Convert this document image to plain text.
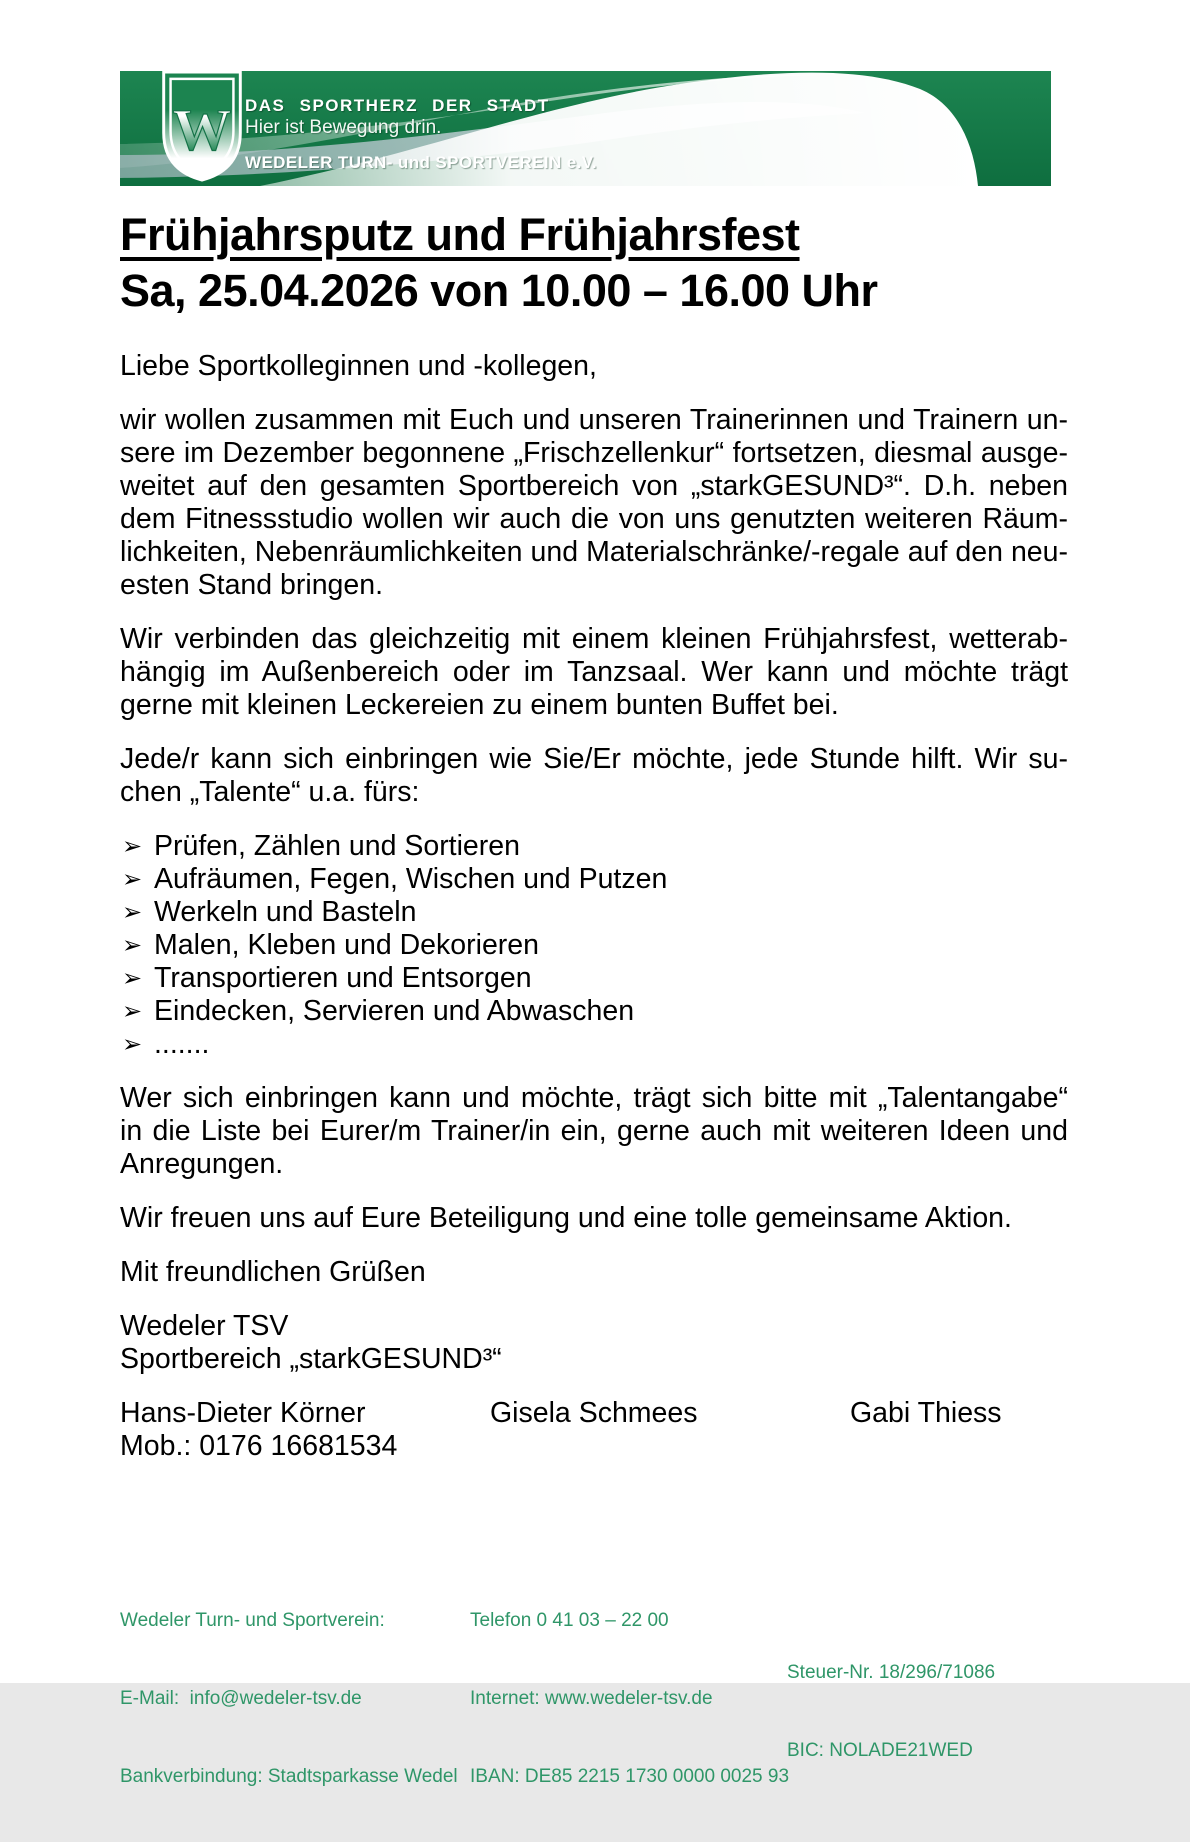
W DAS SPORTHERZ DER STADT
Hier ist Bewegung drin.
WEDELER TURN- und SPORTVEREIN e.V.
Frühjahrsputz und Frühjahrsfest
Sa, 25.04.2026 von 10.00 – 16.00 Uhr

Liebe Sportkolleginnen und -kollegen,

wir wollen zusammen mit Euch und unseren Trainerinnen und Trainern un-
sere im Dezember begonnene „Frischzellenkur“ fortsetzen, diesmal ausge-
weitet auf den gesamten Sportbereich von „starkGESUND³“. D.h. neben
dem Fitnessstudio wollen wir auch die von uns genutzten weiteren Räum-
lichkeiten, Nebenräumlichkeiten und Materialschränke/-regale auf den neu-
esten Stand bringen.
Wir verbinden das gleichzeitig mit einem kleinen Frühjahrsfest, wetterab-
hängig im Außenbereich oder im Tanzsaal. Wer kann und möchte trägt
gerne mit kleinen Leckereien zu einem bunten Buffet bei.
Jede/r kann sich einbringen wie Sie/Er möchte, jede Stunde hilft. Wir su-
chen „Talente“ u.a. fürs:
➢ Prüfen, Zählen und Sortieren
➢ Aufräumen, Fegen, Wischen und Putzen
➢ Werkeln und Basteln
➢ Malen, Kleben und Dekorieren
➢ Transportieren und Entsorgen
➢ Eindecken, Servieren und Abwaschen
➢ .......
Wer sich einbringen kann und möchte, trägt sich bitte mit „Talentangabe“
in die Liste bei Eurer/m Trainer/in ein, gerne auch mit weiteren Ideen und
Anregungen.

Wir freuen uns auf Eure Beteiligung und eine tolle gemeinsame Aktion.

Mit freundlichen Grüßen

Wedeler TSV
Sportbereich „starkGESUND³“
Hans-Dieter Körner	Gisela Schmees	Gabi Thiess
Mob.: 0176 16681534

Wedeler Turn- und Sportverein:

E-Mail:  info@wedeler-tsv.de

Bankverbindung: Stadtsparkasse Wedel

Telefon 0 41 03 – 22 00

Internet: www.wedeler-tsv.de

IBAN: DE85 2215 1730 0000 0025 93

Steuer-Nr. 18/296/71086

BIC: NOLADE21WED
